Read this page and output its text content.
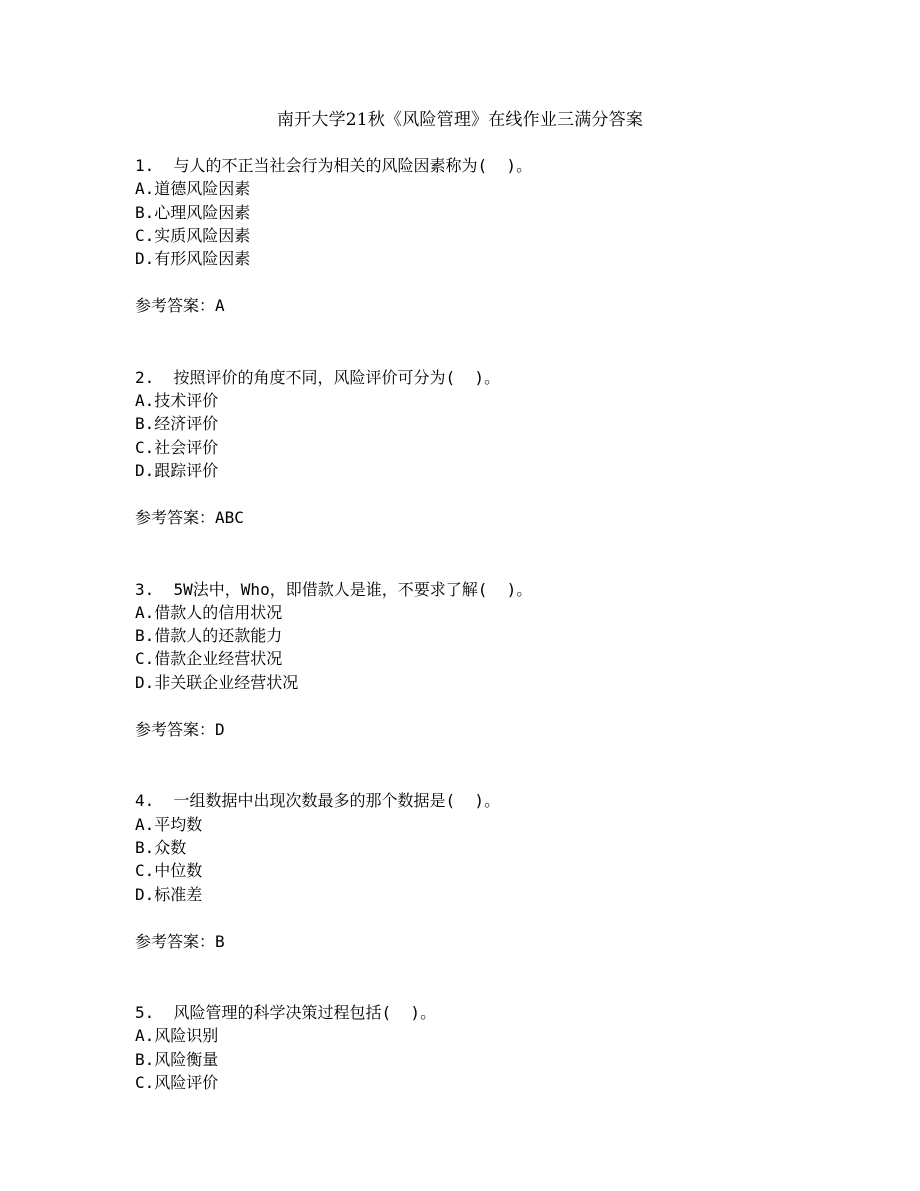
南开大学21秋《风险管理》在线作业三满分答案
1. 与人的不正当社会行为相关的风险因素称为(  )。
A.道德风险因素
B.心理风险因素
C.实质风险因素
D.有形风险因素
参考答案：A
2. 按照评价的角度不同，风险评价可分为(  )。
A.技术评价
B.经济评价
C.社会评价
D.跟踪评价
参考答案：ABC
3. 5W法中，Who，即借款人是谁，不要求了解(  )。
A.借款人的信用状况
B.借款人的还款能力
C.借款企业经营状况
D.非关联企业经营状况
参考答案：D
4. 一组数据中出现次数最多的那个数据是(  )。
A.平均数
B.众数
C.中位数
D.标准差
参考答案：B
5. 风险管理的科学决策过程包括(  )。
A.风险识别
B.风险衡量
C.风险评价
